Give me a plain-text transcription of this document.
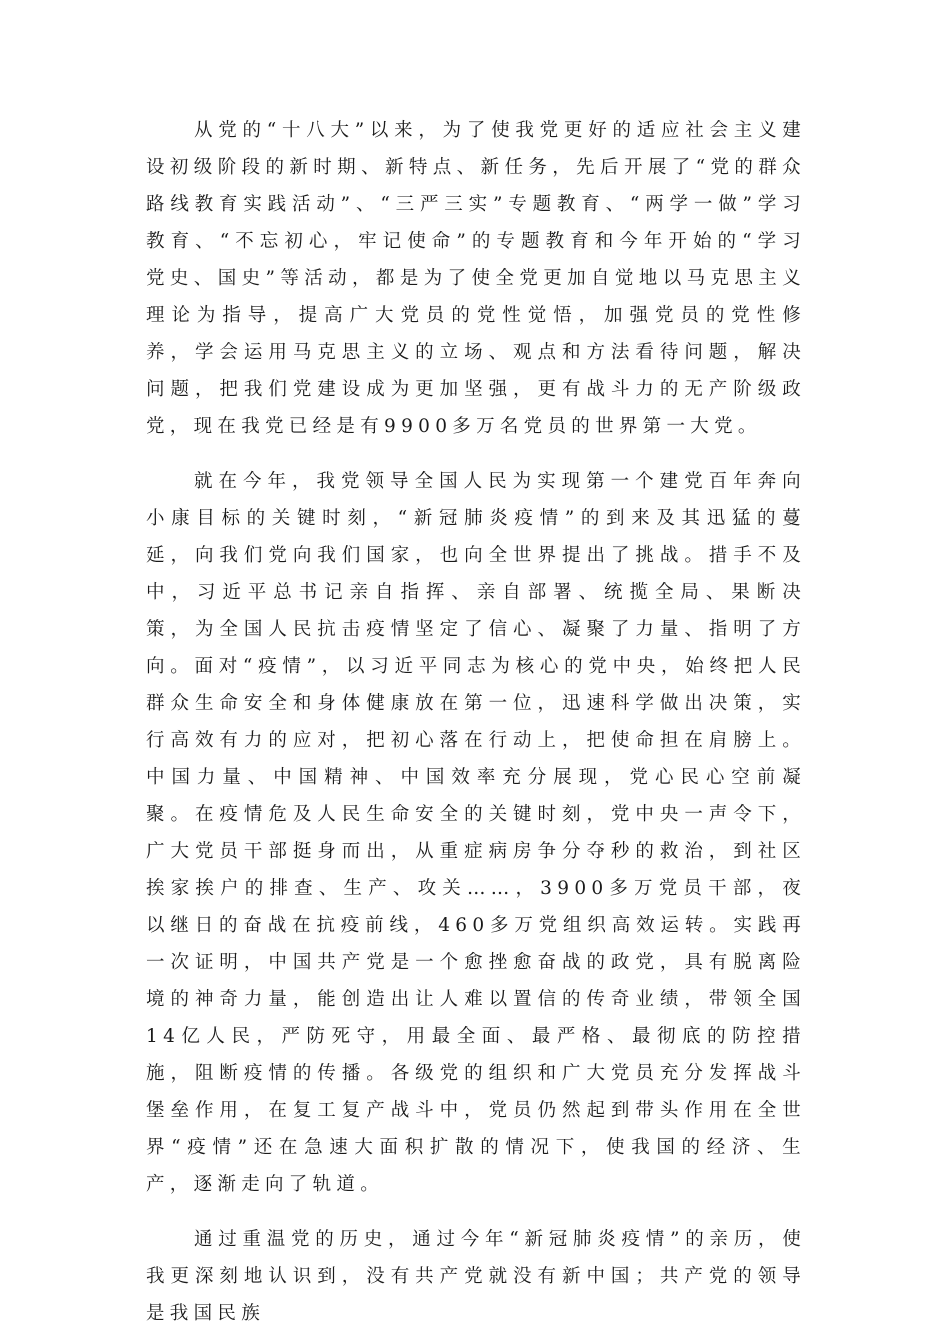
从党的“十八大”以来，为了使我党更好的适应社会主义建设初级阶段的新时期、新特点、新任务，先后开展了“党的群众路线教育实践活动”、“三严三实”专题教育、“两学一做”学习教育、“不忘初心，牢记使命”的专题教育和今年开始的“学习党史、国史”等活动，都是为了使全党更加自觉地以马克思主义理论为指导，提高广大党员的党性觉悟，加强党员的党性修养，学会运用马克思主义的立场、观点和方法看待问题，解决问题，把我们党建设成为更加坚强，更有战斗力的无产阶级政党，现在我党已经是有9900多万名党员的世界第一大党。

就在今年，我党领导全国人民为实现第一个建党百年奔向小康目标的关键时刻，“新冠肺炎疫情”的到来及其迅猛的蔓延，向我们党向我们国家，也向全世界提出了挑战。措手不及中，习近平总书记亲自指挥、亲自部署、统揽全局、果断决策，为全国人民抗击疫情坚定了信心、凝聚了力量、指明了方向。面对“疫情”，以习近平同志为核心的党中央，始终把人民群众生命安全和身体健康放在第一位，迅速科学做出决策，实行高效有力的应对，把初心落在行动上，把使命担在肩膀上。中国力量、中国精神、中国效率充分展现，党心民心空前凝聚。在疫情危及人民生命安全的关键时刻，党中央一声令下，广大党员干部挺身而出，从重症病房争分夺秒的救治，到社区挨家挨户的排查、生产、攻关……，3900多万党员干部，夜以继日的奋战在抗疫前线，460多万党组织高效运转。实践再一次证明，中国共产党是一个愈挫愈奋战的政党，具有脱离险境的神奇力量，能创造出让人难以置信的传奇业绩，带领全国14亿人民，严防死守，用最全面、最严格、最彻底的防控措施，阻断疫情的传播。各级党的组织和广大党员充分发挥战斗堡垒作用，在复工复产战斗中，党员仍然起到带头作用在全世界“疫情”还在急速大面积扩散的情况下，使我国的经济、生产，逐渐走向了轨道。

通过重温党的历史，通过今年“新冠肺炎疫情”的亲历，使我更深刻地认识到，没有共产党就没有新中国；共产党的领导是我国民族
